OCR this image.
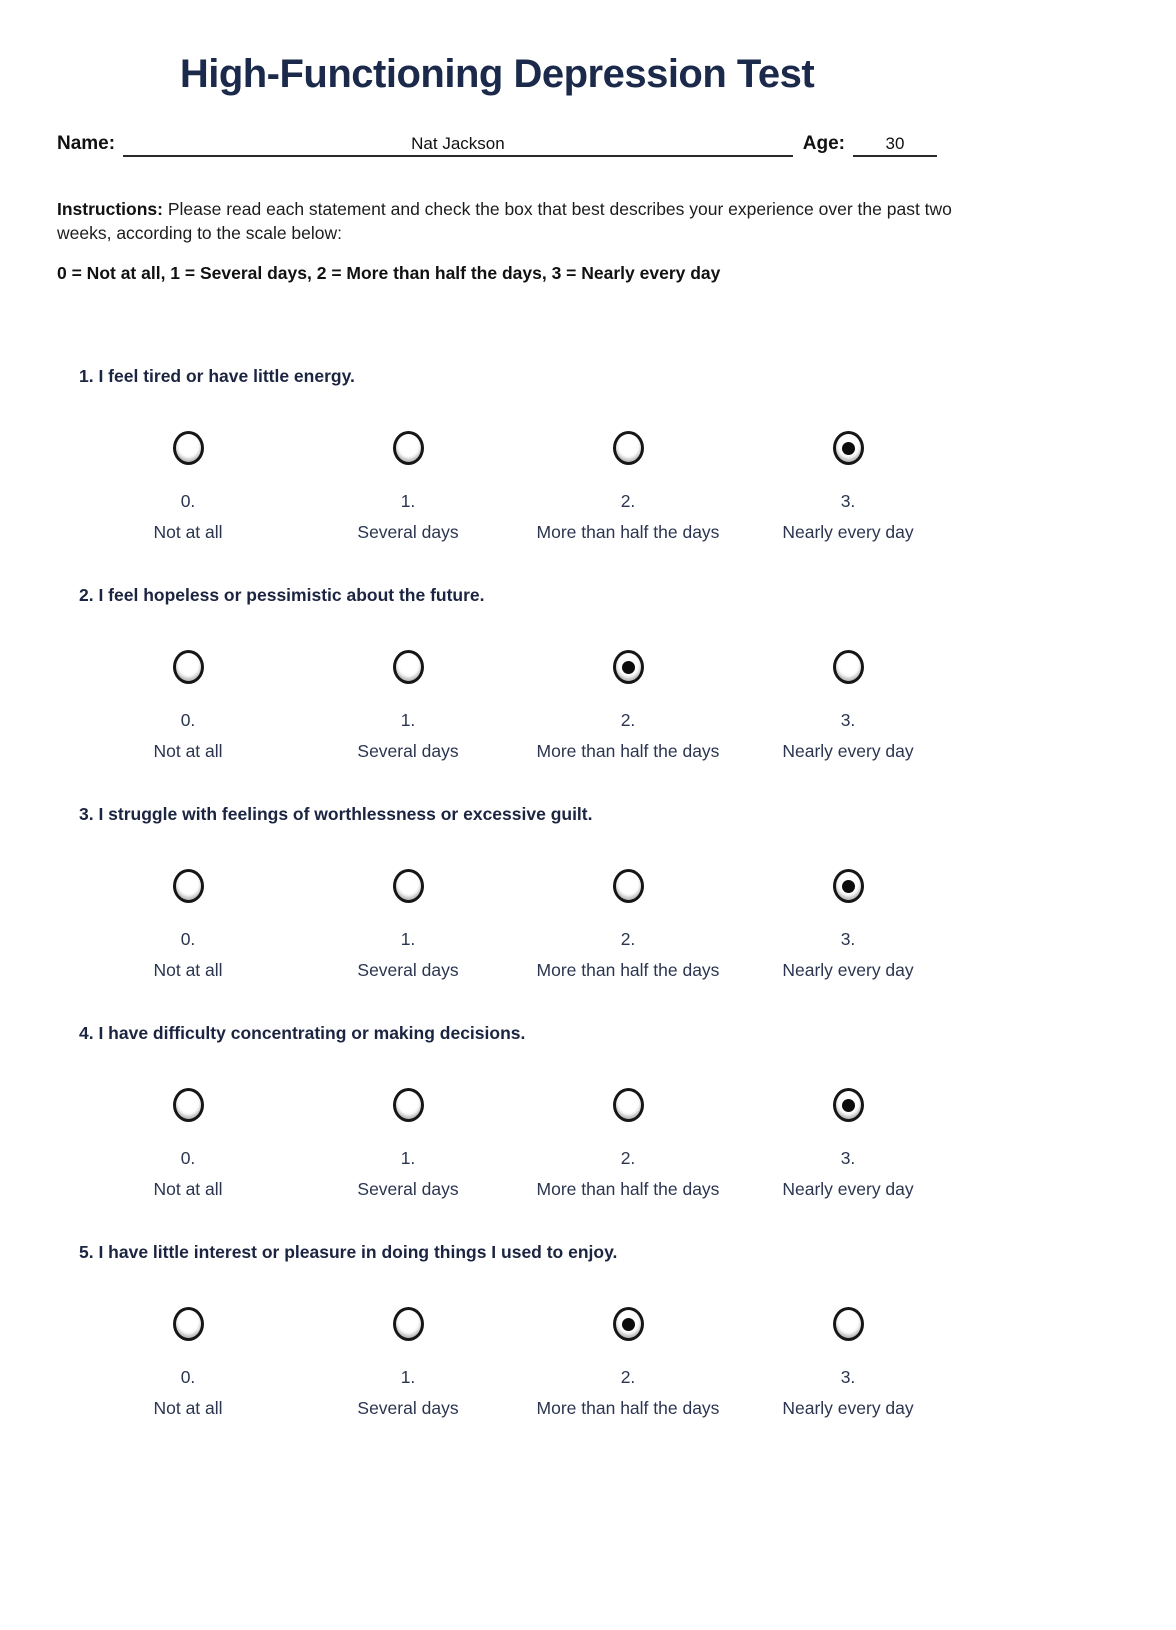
High-Functioning Depression Test
Name:	Nat Jackson	Age:	30

Instructions: Please read each statement and check the box that best describes your experience over the past two weeks, according to the scale below:

0 = Not at all, 1 = Several days, 2 = More than half the days, 3 = Nearly every day

1. I feel tired or have little energy.
0.
Not at all
1.
Several days
2.
More than half the days
3.
Nearly every day
2. I feel hopeless or pessimistic about the future.
0.
Not at all
1.
Several days
2.
More than half the days
3.
Nearly every day
3. I struggle with feelings of worthlessness or excessive guilt.
0.
Not at all
1.
Several days
2.
More than half the days
3.
Nearly every day
4. I have difficulty concentrating or making decisions.
0.
Not at all
1.
Several days
2.
More than half the days
3.
Nearly every day
5. I have little interest or pleasure in doing things I used to enjoy.
0.
Not at all
1.
Several days
2.
More than half the days
3.
Nearly every day
